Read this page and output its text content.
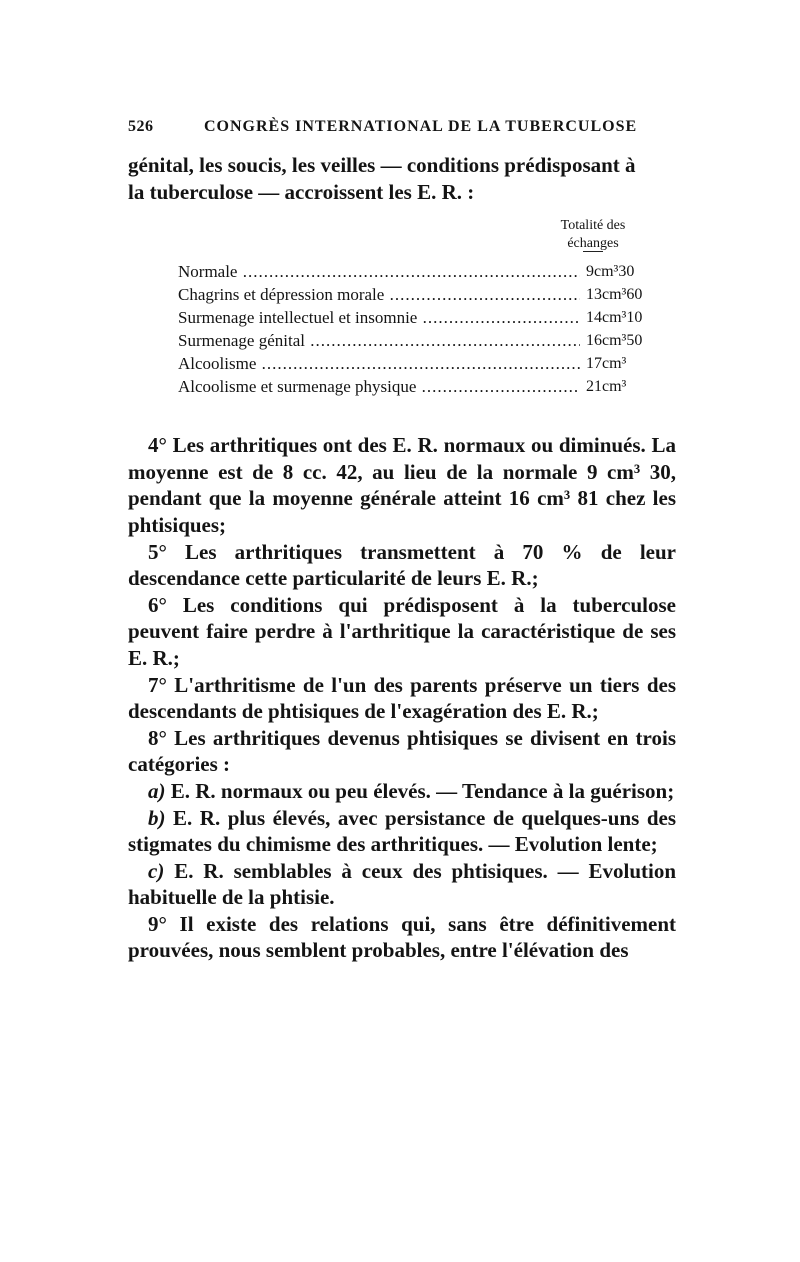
526	CONGRÈS INTERNATIONAL DE LA TUBERCULOSE

génital, les soucis, les veilles — conditions prédisposant à

la tuberculose — accroissent les E. R. :

Totalité des
échanges
Normale .....	9cm³30
Chagrins et dépression morale .....	13cm³60
Surmenage intellectuel et insomnie .....	14cm³10
Surmenage génital .....	16cm³50
Alcoolisme .....	17cm³
Alcoolisme et surmenage physique .....	21cm³

4° Les arthritiques ont des E. R. normaux ou diminués. La moyenne est de 8 cc. 42, au lieu de la normale 9 cm³ 30, pendant que la moyenne générale atteint 16 cm³ 81 chez les phtisiques;

5° Les arthritiques transmettent à 70 % de leur descendance cette particularité de leurs E. R.;

6° Les conditions qui prédisposent à la tuberculose peuvent faire perdre à l'arthritique la caractéristique de ses E. R.;

7° L'arthritisme de l'un des parents préserve un tiers des descendants de phtisiques de l'exagération des E. R.;

8° Les arthritiques devenus phtisiques se divisent en trois catégories :

a) E. R. normaux ou peu élevés. — Tendance à la guérison;

b) E. R. plus élevés, avec persistance de quelques-uns des stigmates du chimisme des arthritiques. — Evolution lente;

c) E. R. semblables à ceux des phtisiques. — Evolution habituelle de la phtisie.

9° Il existe des relations qui, sans être définitivement prouvées, nous semblent probables, entre l'élévation des
